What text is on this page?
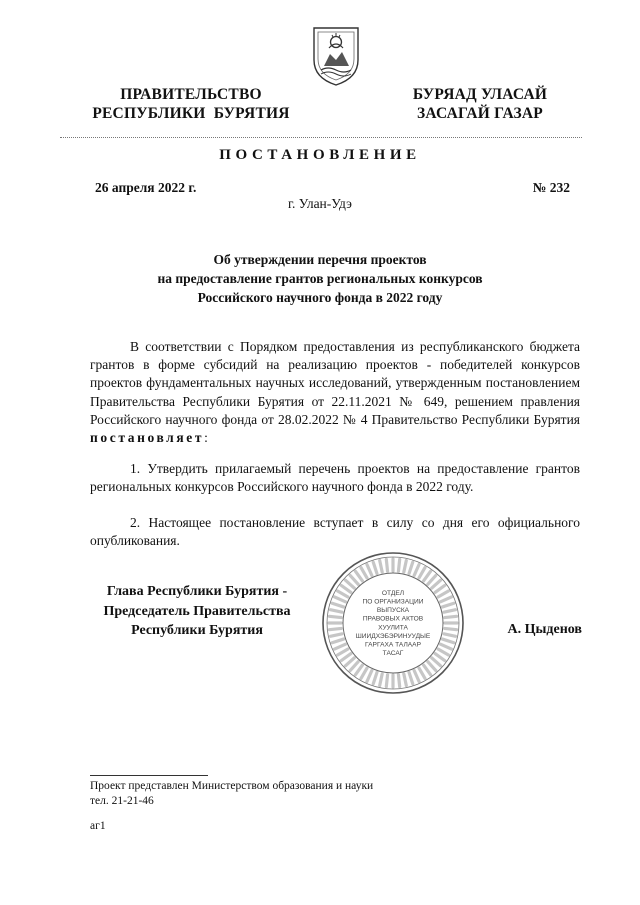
ПРАВИТЕЛЬСТВО
РЕСПУБЛИКИ  БУРЯТИЯ
БУРЯАД УЛАСАЙ
ЗАСАГАЙ ГАЗАР
ПОСТАНОВЛЕНИЕ
26 апреля 2022 г.	№ 232
г. Улан-Удэ
Об утверждении перечня проектов
на предоставление грантов региональных конкурсов
Российского научного фонда в 2022 году
В соответствии с Порядком предоставления из республиканского бюджета грантов в форме субсидий на реализацию проектов - победителей конкурсов проектов фундаментальных научных исследований, утвержденным постановлением Правительства Республики Бурятия от 22.11.2021 № 649, решением правления Российского научного фонда от 28.02.2022 № 4 Правительство Республики Бурятия постановляет:
1. Утвердить прилагаемый перечень проектов на предоставление грантов региональных конкурсов Российского научного фонда в 2022 году.
2. Настоящее постановление вступает в силу со дня его официального опубликования.
Глава Республики Бурятия -
Председатель Правительства
Республики Бурятия
ОТДЕЛ
ПО ОРГАНИЗАЦИИ
ВЫПУСКА
ПРАВОВЫХ АКТОВ
ХУУЛИТА
ШИИДХЭБЭРИНУУДЫЕ
ГАРГАХА ТАЛААР
ТАСАГ
А. Цыденов
Проект представлен Министерством образования и науки
тел. 21-21-46
аг1
